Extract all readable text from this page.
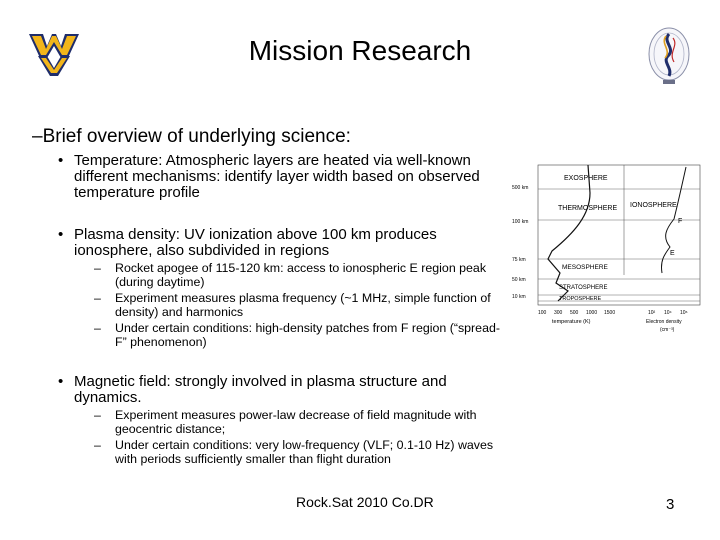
Mission Research
–Brief overview of underlying science:
• Temperature: Atmospheric layers are heated via well-known different mechanisms: identify layer width based on observed temperature profile
• Plasma density: UV ionization above 100 km produces ionosphere, also subdivided in regions
– Rocket apogee of 115-120 km: access to ionospheric E region peak (during daytime)
– Experiment measures plasma frequency (~1 MHz, simple function of density) and harmonics
– Under certain conditions: high-density patches from F region (“spread-F” phenomenon)
• Magnetic field: strongly involved in plasma structure and dynamics.
– Experiment measures power-law decrease of field magnitude with geocentric distance;
– Under certain conditions: very low-frequency (VLF; 0.1-10 Hz) waves with periods sufficiently smaller than flight duration
EXOSPHERE
THERMOSPHERE
MESOSPHERE
STRATOSPHERE
TROPOSPHERE
IONOSPHERE
F
E
500 km
100 km
75 km
50 km
10 km
100 300 500 1000 1500
temperature (K)
10² 10⁴ 10⁶
Electron density
(cm⁻³)
Rock.Sat 2010 Co.DR	3
